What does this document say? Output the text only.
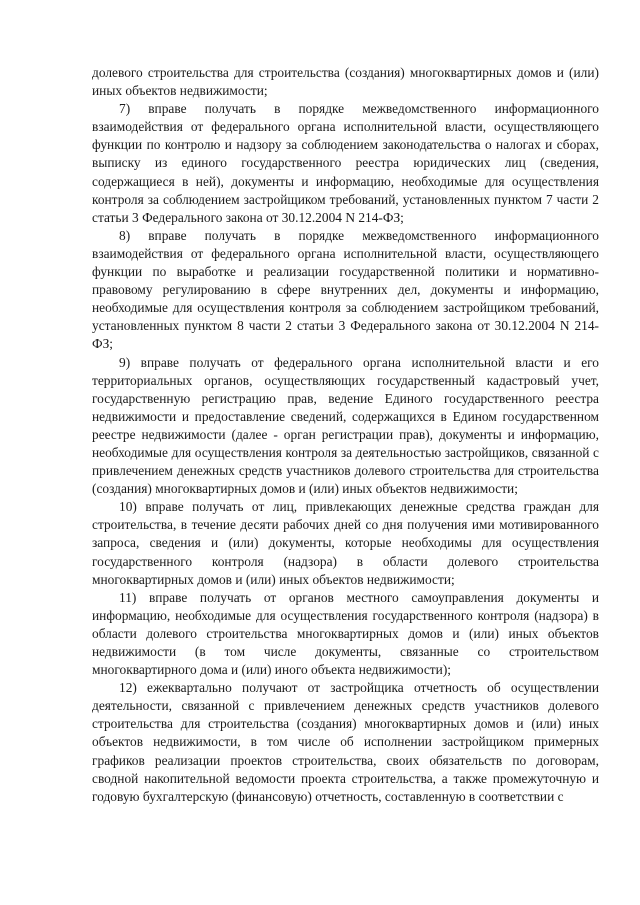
долевого строительства для строительства (создания) многоквартирных домов и (или) иных объектов недвижимости;

7) вправе получать в порядке межведомственного информационного взаимодействия от федерального органа исполнительной власти, осуществляющего функции по контролю и надзору за соблюдением законодательства о налогах и сборах, выписку из единого государственного реестра юридических лиц (сведения, содержащиеся в ней), документы и информацию, необходимые для осуществления контроля за соблюдением застройщиком требований, установленных пунктом 7 части 2 статьи 3 Федерального закона от 30.12.2004 N 214-ФЗ;

8) вправе получать в порядке межведомственного информационного взаимодействия от федерального органа исполнительной власти, осуществляющего функции по выработке и реализации государственной политики и нормативно-правовому регулированию в сфере внутренних дел, документы и информацию, необходимые для осуществления контроля за соблюдением застройщиком требований, установленных пунктом 8 части 2 статьи 3 Федерального закона от 30.12.2004 N 214-ФЗ;

9) вправе получать от федерального органа исполнительной власти и его территориальных органов, осуществляющих государственный кадастровый учет, государственную регистрацию прав, ведение Единого государственного реестра недвижимости и предоставление сведений, содержащихся в Едином государственном реестре недвижимости (далее - орган регистрации прав), документы и информацию, необходимые для осуществления контроля за деятельностью застройщиков, связанной с привлечением денежных средств участников долевого строительства для строительства (создания) многоквартирных домов и (или) иных объектов недвижимости;

10) вправе получать от лиц, привлекающих денежные средства граждан для строительства, в течение десяти рабочих дней со дня получения ими мотивированного запроса, сведения и (или) документы, которые необходимы для осуществления государственного контроля (надзора) в области долевого строительства многоквартирных домов и (или) иных объектов недвижимости;

11) вправе получать от органов местного самоуправления документы и информацию, необходимые для осуществления государственного контроля (надзора) в области долевого строительства многоквартирных домов и (или) иных объектов недвижимости (в том числе документы, связанные со строительством многоквартирного дома и (или) иного объекта недвижимости);

12) ежеквартально получают от застройщика отчетность об осуществлении деятельности, связанной с привлечением денежных средств участников долевого строительства для строительства (создания) многоквартирных домов и (или) иных объектов недвижимости, в том числе об исполнении застройщиком примерных графиков реализации проектов строительства, своих обязательств по договорам, сводной накопительной ведомости проекта строительства, а также промежуточную и годовую бухгалтерскую (финансовую) отчетность, составленную в соответствии с
